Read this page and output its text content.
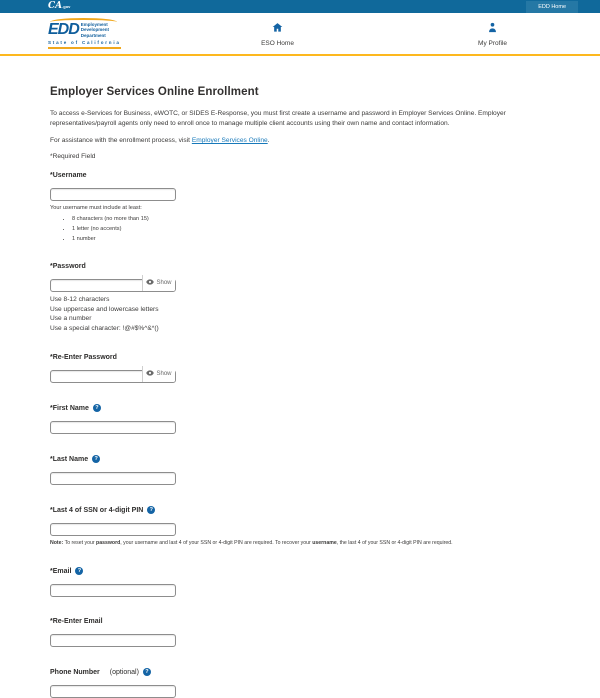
CA.gov	EDD Home
EDD Employment
Development
Department
State of California	ESO Home	My Profile
Employer Services Online Enrollment

To access e-Services for Business, eWOTC, or SIDES E-Response, you must first create a username and password in Employer Services Online. Employer representatives/payroll agents only need to enroll once to manage multiple client accounts using their own name and contact information.

For assistance with the enrollment process, visit Employer Services Online.

*Required Field

*Username
Your username must include at least:
• 8 characters (no more than 15)
• 1 letter (no accents)
• 1 number
*Password
Show
Use 8-12 characters
Use uppercase and lowercase letters
Use a number
Use a special character: !@#$%^&*()
*Re-Enter Password
Show
*First Name	?
*Last Name	?
*Last 4 of SSN or 4-digit PIN	?

Note: To reset your password, your username and last 4 of your SSN or 4-digit PIN are required. To recover your username, the last 4 of your SSN or 4-digit PIN are required.

*Email	?
*Re-Enter Email
Phone Number
(optional)	?
